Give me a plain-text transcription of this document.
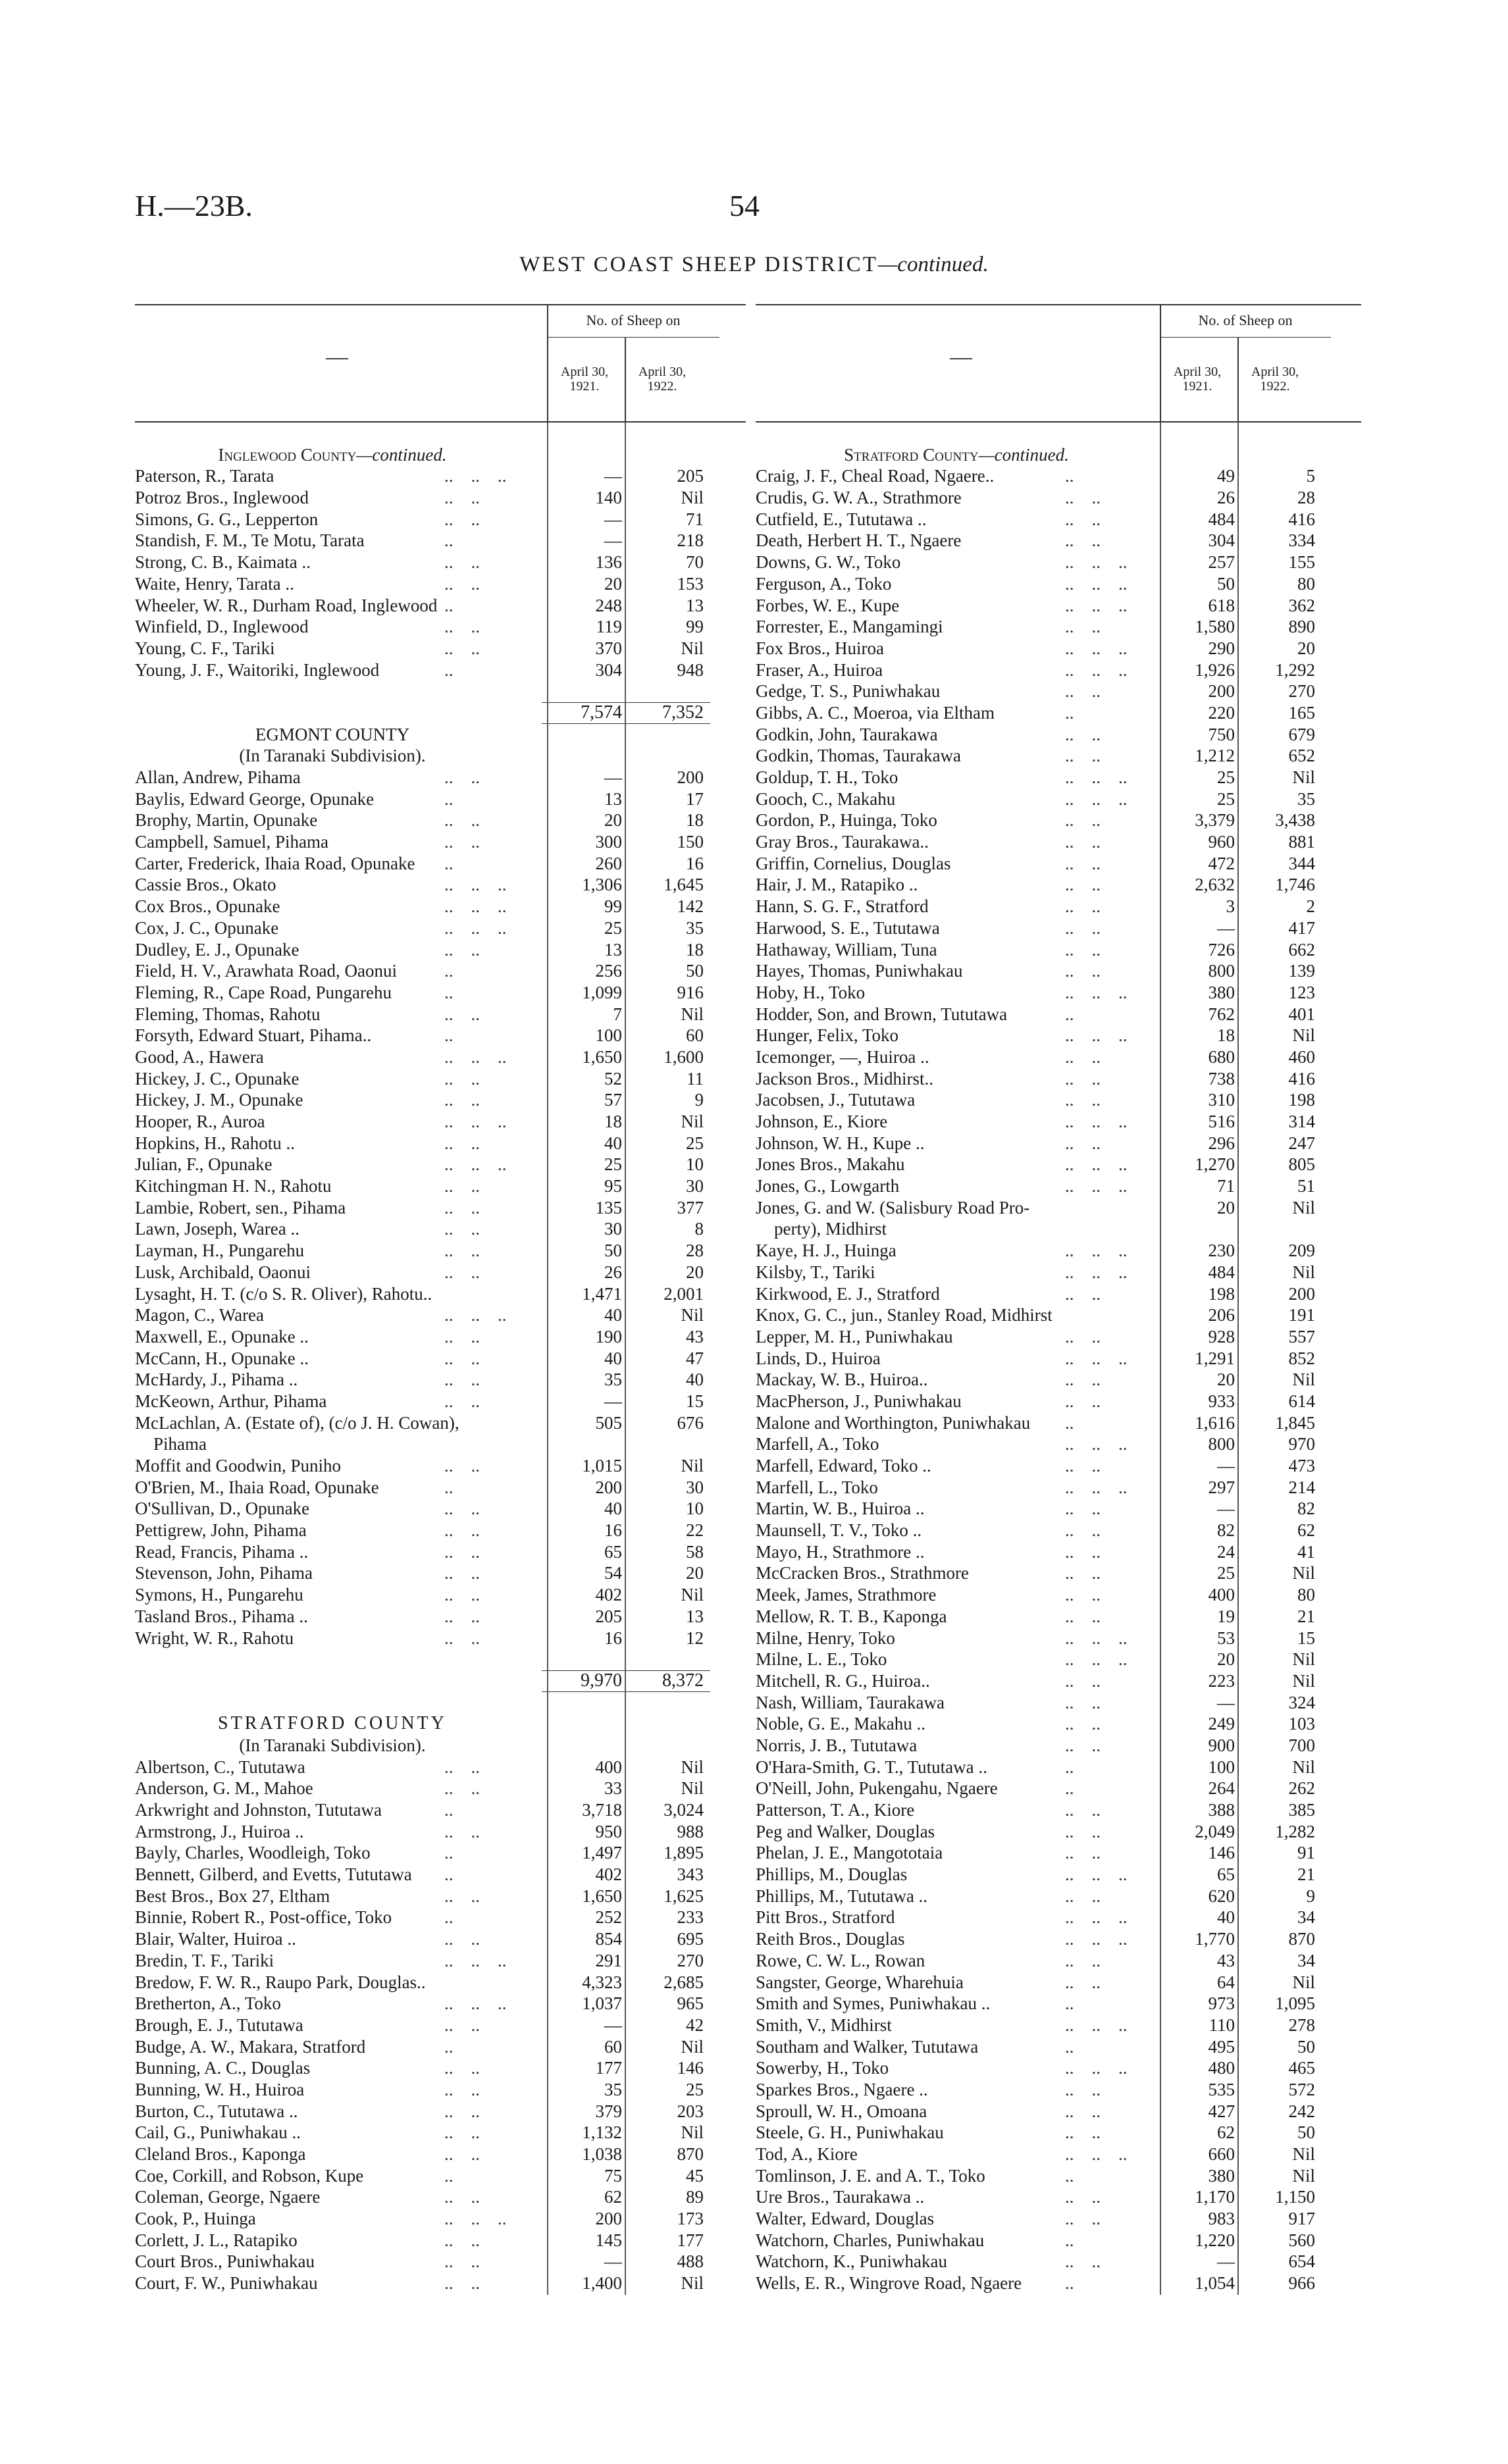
H.—23B.	54
WEST COAST SHEEP DISTRICT—continued.
—
No. of Sheep on
April 30, 1921.
April 30, 1922.
Inglewood County—continued.
Paterson, R., Tarata	..    ..    ..	—	205
Potroz Bros., Inglewood	..    ..	140	Nil
Simons, G. G., Lepperton	..    ..	—	71
Standish, F. M., Te Motu, Tarata	..	—	218
Strong, C. B., Kaimata ..	..    ..	136	70
Waite, Henry, Tarata ..	..    ..	20	153
Wheeler, W. R., Durham Road, Inglewood ..	248	13
Winfield, D., Inglewood	..    ..	119	99
Young, C. F., Tariki	..    ..	370	Nil
Young, J. F., Waitoriki, Inglewood	..	304	948
7,574	7,352
EGMONT COUNTY
(In Taranaki Subdivision).
Allan, Andrew, Pihama	..    ..	—	200
Baylis, Edward George, Opunake	..	13	17
Brophy, Martin, Opunake	..    ..	20	18
Campbell, Samuel, Pihama	..    ..	300	150
Carter, Frederick, Ihaia Road, Opunake ..	260	16
Cassie Bros., Okato	..    ..    ..	1,306	1,645
Cox Bros., Opunake	..    ..    ..	99	142
Cox, J. C., Opunake	..    ..    ..	25	35
Dudley, E. J., Opunake	..    ..	13	18
Field, H. V., Arawhata Road, Oaonui	..	256	50
Fleming, R., Cape Road, Pungarehu	..	1,099	916
Fleming, Thomas, Rahotu	..    ..	7	Nil
Forsyth, Edward Stuart, Pihama..	..	100	60
Good, A., Hawera	..    ..    ..	1,650	1,600
Hickey, J. C., Opunake	..    ..	52	11
Hickey, J. M., Opunake	..    ..	57	9
Hooper, R., Auroa	..    ..    ..	18	Nil
Hopkins, H., Rahotu ..	..    ..	40	25
Julian, F., Opunake	..    ..    ..	25	10
Kitchingman H. N., Rahotu	..    ..	95	30
Lambie, Robert, sen., Pihama	..    ..	135	377
Lawn, Joseph, Warea ..	..    ..	30	8
Layman, H., Pungarehu	..    ..	50	28
Lusk, Archibald, Oaonui	..    ..	26	20
Lysaght, H. T. (c/o S. R. Oliver), Rahotu..	1,471	2,001
Magon, C., Warea	..    ..    ..	40	Nil
Maxwell, E., Opunake ..	..    ..	190	43
McCann, H., Opunake ..	..    ..	40	47
McHardy, J., Pihama ..	..    ..	35	40
McKeown, Arthur, Pihama	..    ..	—	15
McLachlan, A. (Estate of), (c/o J. H. Cowan),	505	676
Pihama
Moffit and Goodwin, Puniho	..    ..	1,015	Nil
O'Brien, M., Ihaia Road, Opunake	..	200	30
O'Sullivan, D., Opunake	..    ..	40	10
Pettigrew, John, Pihama	..    ..	16	22
Read, Francis, Pihama ..	..    ..	65	58
Stevenson, John, Pihama	..    ..	54	20
Symons, H., Pungarehu	..    ..	402	Nil
Tasland Bros., Pihama ..	..    ..	205	13
Wright, W. R., Rahotu	..    ..	16	12
9,970	8,372
STRATFORD COUNTY
(In Taranaki Subdivision).
Albertson, C., Tututawa	..    ..	400	Nil
Anderson, G. M., Mahoe	..    ..	33	Nil
Arkwright and Johnston, Tututawa	..	3,718	3,024
Armstrong, J., Huiroa ..	..    ..	950	988
Bayly, Charles, Woodleigh, Toko	..	1,497	1,895
Bennett, Gilberd, and Evetts, Tututawa ..	402	343
Best Bros., Box 27, Eltham	..    ..	1,650	1,625
Binnie, Robert R., Post-office, Toko	..	252	233
Blair, Walter, Huiroa ..	..    ..	854	695
Bredin, T. F., Tariki	..    ..    ..	291	270
Bredow, F. W. R., Raupo Park, Douglas..	4,323	2,685
Bretherton, A., Toko	..    ..    ..	1,037	965
Brough, E. J., Tututawa	..    ..	—	42
Budge, A. W., Makara, Stratford	..	60	Nil
Bunning, A. C., Douglas	..    ..	177	146
Bunning, W. H., Huiroa	..    ..	35	25
Burton, C., Tututawa ..	..    ..	379	203
Cail, G., Puniwhakau ..	..    ..	1,132	Nil
Cleland Bros., Kaponga	..    ..	1,038	870
Coe, Corkill, and Robson, Kupe	..	75	45
Coleman, George, Ngaere	..    ..	62	89
Cook, P., Huinga	..    ..    ..	200	173
Corlett, J. L., Ratapiko	..    ..	145	177
Court Bros., Puniwhakau	..    ..	—	488
Court, F. W., Puniwhakau	..    ..	1,400	Nil
—
No. of Sheep on
April 30, 1921.
April 30, 1922.
Stratford County—continued.
Craig, J. F., Cheal Road, Ngaere..	..	49	5
Crudis, G. W. A., Strathmore	..    ..	26	28
Cutfield, E., Tututawa ..	..    ..	484	416
Death, Herbert H. T., Ngaere	..    ..	304	334
Downs, G. W., Toko	..    ..    ..	257	155
Ferguson, A., Toko	..    ..    ..	50	80
Forbes, W. E., Kupe	..    ..    ..	618	362
Forrester, E., Mangamingi	..    ..	1,580	890
Fox Bros., Huiroa	..    ..    ..	290	20
Fraser, A., Huiroa	..    ..    ..	1,926	1,292
Gedge, T. S., Puniwhakau	..    ..	200	270
Gibbs, A. C., Moeroa, via Eltham	..	220	165
Godkin, John, Taurakawa	..    ..	750	679
Godkin, Thomas, Taurakawa	..    ..	1,212	652
Goldup, T. H., Toko	..    ..    ..	25	Nil
Gooch, C., Makahu	..    ..    ..	25	35
Gordon, P., Huinga, Toko	..    ..	3,379	3,438
Gray Bros., Taurakawa..	..    ..	960	881
Griffin, Cornelius, Douglas	..    ..	472	344
Hair, J. M., Ratapiko ..	..    ..	2,632	1,746
Hann, S. G. F., Stratford	..    ..	3	2
Harwood, S. E., Tututawa	..    ..	—	417
Hathaway, William, Tuna	..    ..	726	662
Hayes, Thomas, Puniwhakau	..    ..	800	139
Hoby, H., Toko	..    ..    ..	380	123
Hodder, Son, and Brown, Tututawa	..	762	401
Hunger, Felix, Toko	..    ..    ..	18	Nil
Icemonger, —, Huiroa ..	..    ..	680	460
Jackson Bros., Midhirst..	..    ..	738	416
Jacobsen, J., Tututawa	..    ..	310	198
Johnson, E., Kiore	..    ..    ..	516	314
Johnson, W. H., Kupe ..	..    ..	296	247
Jones Bros., Makahu	..    ..    ..	1,270	805
Jones, G., Lowgarth	..    ..    ..	71	51
Jones, G. and W. (Salisbury Road Pro-	20	Nil
perty), Midhirst
Kaye, H. J., Huinga	..    ..    ..	230	209
Kilsby, T., Tariki	..    ..    ..	484	Nil
Kirkwood, E. J., Stratford	..    ..	198	200
Knox, G. C., jun., Stanley Road, Midhirst	206	191
Lepper, M. H., Puniwhakau	..    ..	928	557
Linds, D., Huiroa	..    ..    ..	1,291	852
Mackay, W. B., Huiroa..	..    ..	20	Nil
MacPherson, J., Puniwhakau	..    ..	933	614
Malone and Worthington, Puniwhakau ..	1,616	1,845
Marfell, A., Toko	..    ..    ..	800	970
Marfell, Edward, Toko ..	..    ..	—	473
Marfell, L., Toko	..    ..    ..	297	214
Martin, W. B., Huiroa ..	..    ..	—	82
Maunsell, T. V., Toko ..	..    ..	82	62
Mayo, H., Strathmore ..	..    ..	24	41
McCracken Bros., Strathmore	..    ..	25	Nil
Meek, James, Strathmore	..    ..	400	80
Mellow, R. T. B., Kaponga	..    ..	19	21
Milne, Henry, Toko	..    ..    ..	53	15
Milne, L. E., Toko	..    ..    ..	20	Nil
Mitchell, R. G., Huiroa..	..    ..	223	Nil
Nash, William, Taurakawa	..    ..	—	324
Noble, G. E., Makahu ..	..    ..	249	103
Norris, J. B., Tututawa	..    ..	900	700
O'Hara-Smith, G. T., Tututawa ..	..	100	Nil
O'Neill, John, Pukengahu, Ngaere	..	264	262
Patterson, T. A., Kiore	..    ..	388	385
Peg and Walker, Douglas	..    ..	2,049	1,282
Phelan, J. E., Mangototaia	..    ..	146	91
Phillips, M., Douglas	..    ..    ..	65	21
Phillips, M., Tututawa ..	..    ..	620	9
Pitt Bros., Stratford	..    ..    ..	40	34
Reith Bros., Douglas	..    ..    ..	1,770	870
Rowe, C. W. L., Rowan	..    ..	43	34
Sangster, George, Wharehuia	..    ..	64	Nil
Smith and Symes, Puniwhakau ..	..	973	1,095
Smith, V., Midhirst	..    ..    ..	110	278
Southam and Walker, Tututawa	..	495	50
Sowerby, H., Toko	..    ..    ..	480	465
Sparkes Bros., Ngaere ..	..    ..	535	572
Sproull, W. H., Omoana	..    ..	427	242
Steele, G. H., Puniwhakau	..    ..	62	50
Tod, A., Kiore	..    ..    ..	660	Nil
Tomlinson, J. E. and A. T., Toko	..	380	Nil
Ure Bros., Taurakawa ..	..    ..	1,170	1,150
Walter, Edward, Douglas	..    ..	983	917
Watchorn, Charles, Puniwhakau	..	1,220	560
Watchorn, K., Puniwhakau	..    ..	—	654
Wells, E. R., Wingrove Road, Ngaere ..	1,054	966
